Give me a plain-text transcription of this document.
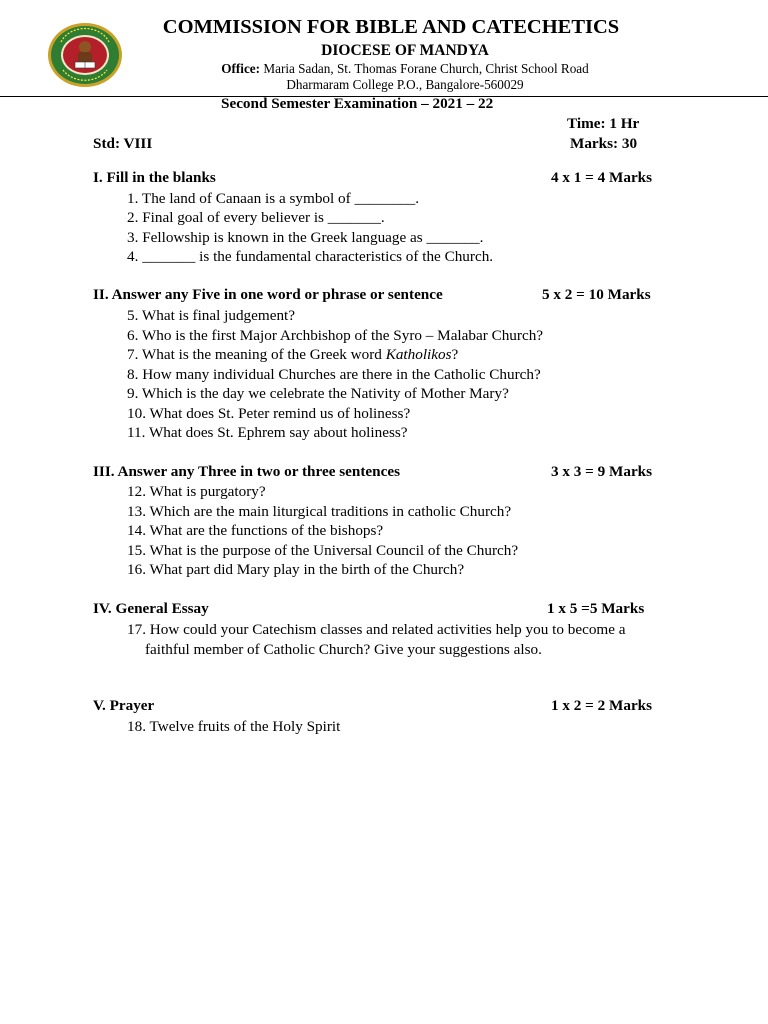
COMMISSION FOR BIBLE AND CATECHETICS
DIOCESE OF MANDYA
Office: Maria Sadan, St. Thomas Forane Church, Christ School Road
Dharmaram College P.O., Bangalore-560029
Second Semester Examination – 2021 – 22
Time: 1 Hr
Std: VIII	Marks: 30
I. Fill in the blanks	4 x 1 = 4 Marks
1. The land of Canaan is a symbol of ________.
2. Final goal of every believer is _______.
3. Fellowship is known in the Greek language as _______.
4. _______ is the fundamental characteristics of the Church.
II. Answer any Five in one word or phrase or sentence	5 x 2 = 10 Marks
5. What is final judgement?
6. Who is the first Major Archbishop of the Syro – Malabar Church?
7. What is the meaning of the Greek word Katholikos?
8. How many individual Churches are there in the Catholic Church?
9. Which is the day we celebrate the Nativity of Mother Mary?
10. What does St. Peter remind us of holiness?
11. What does St. Ephrem say about holiness?
III. Answer any Three in two or three sentences	3 x 3 = 9 Marks
12. What is purgatory?
13. Which are the main liturgical traditions in catholic Church?
14. What are the functions of the bishops?
15. What is the purpose of the Universal Council of the Church?
16. What part did Mary play in the birth of the Church?
IV. General Essay	1 x 5 =5 Marks
17. How could your Catechism classes and related activities help you to become a faithful member of Catholic Church? Give your suggestions also.
V. Prayer	1 x 2 = 2 Marks
18. Twelve fruits of the Holy Spirit
